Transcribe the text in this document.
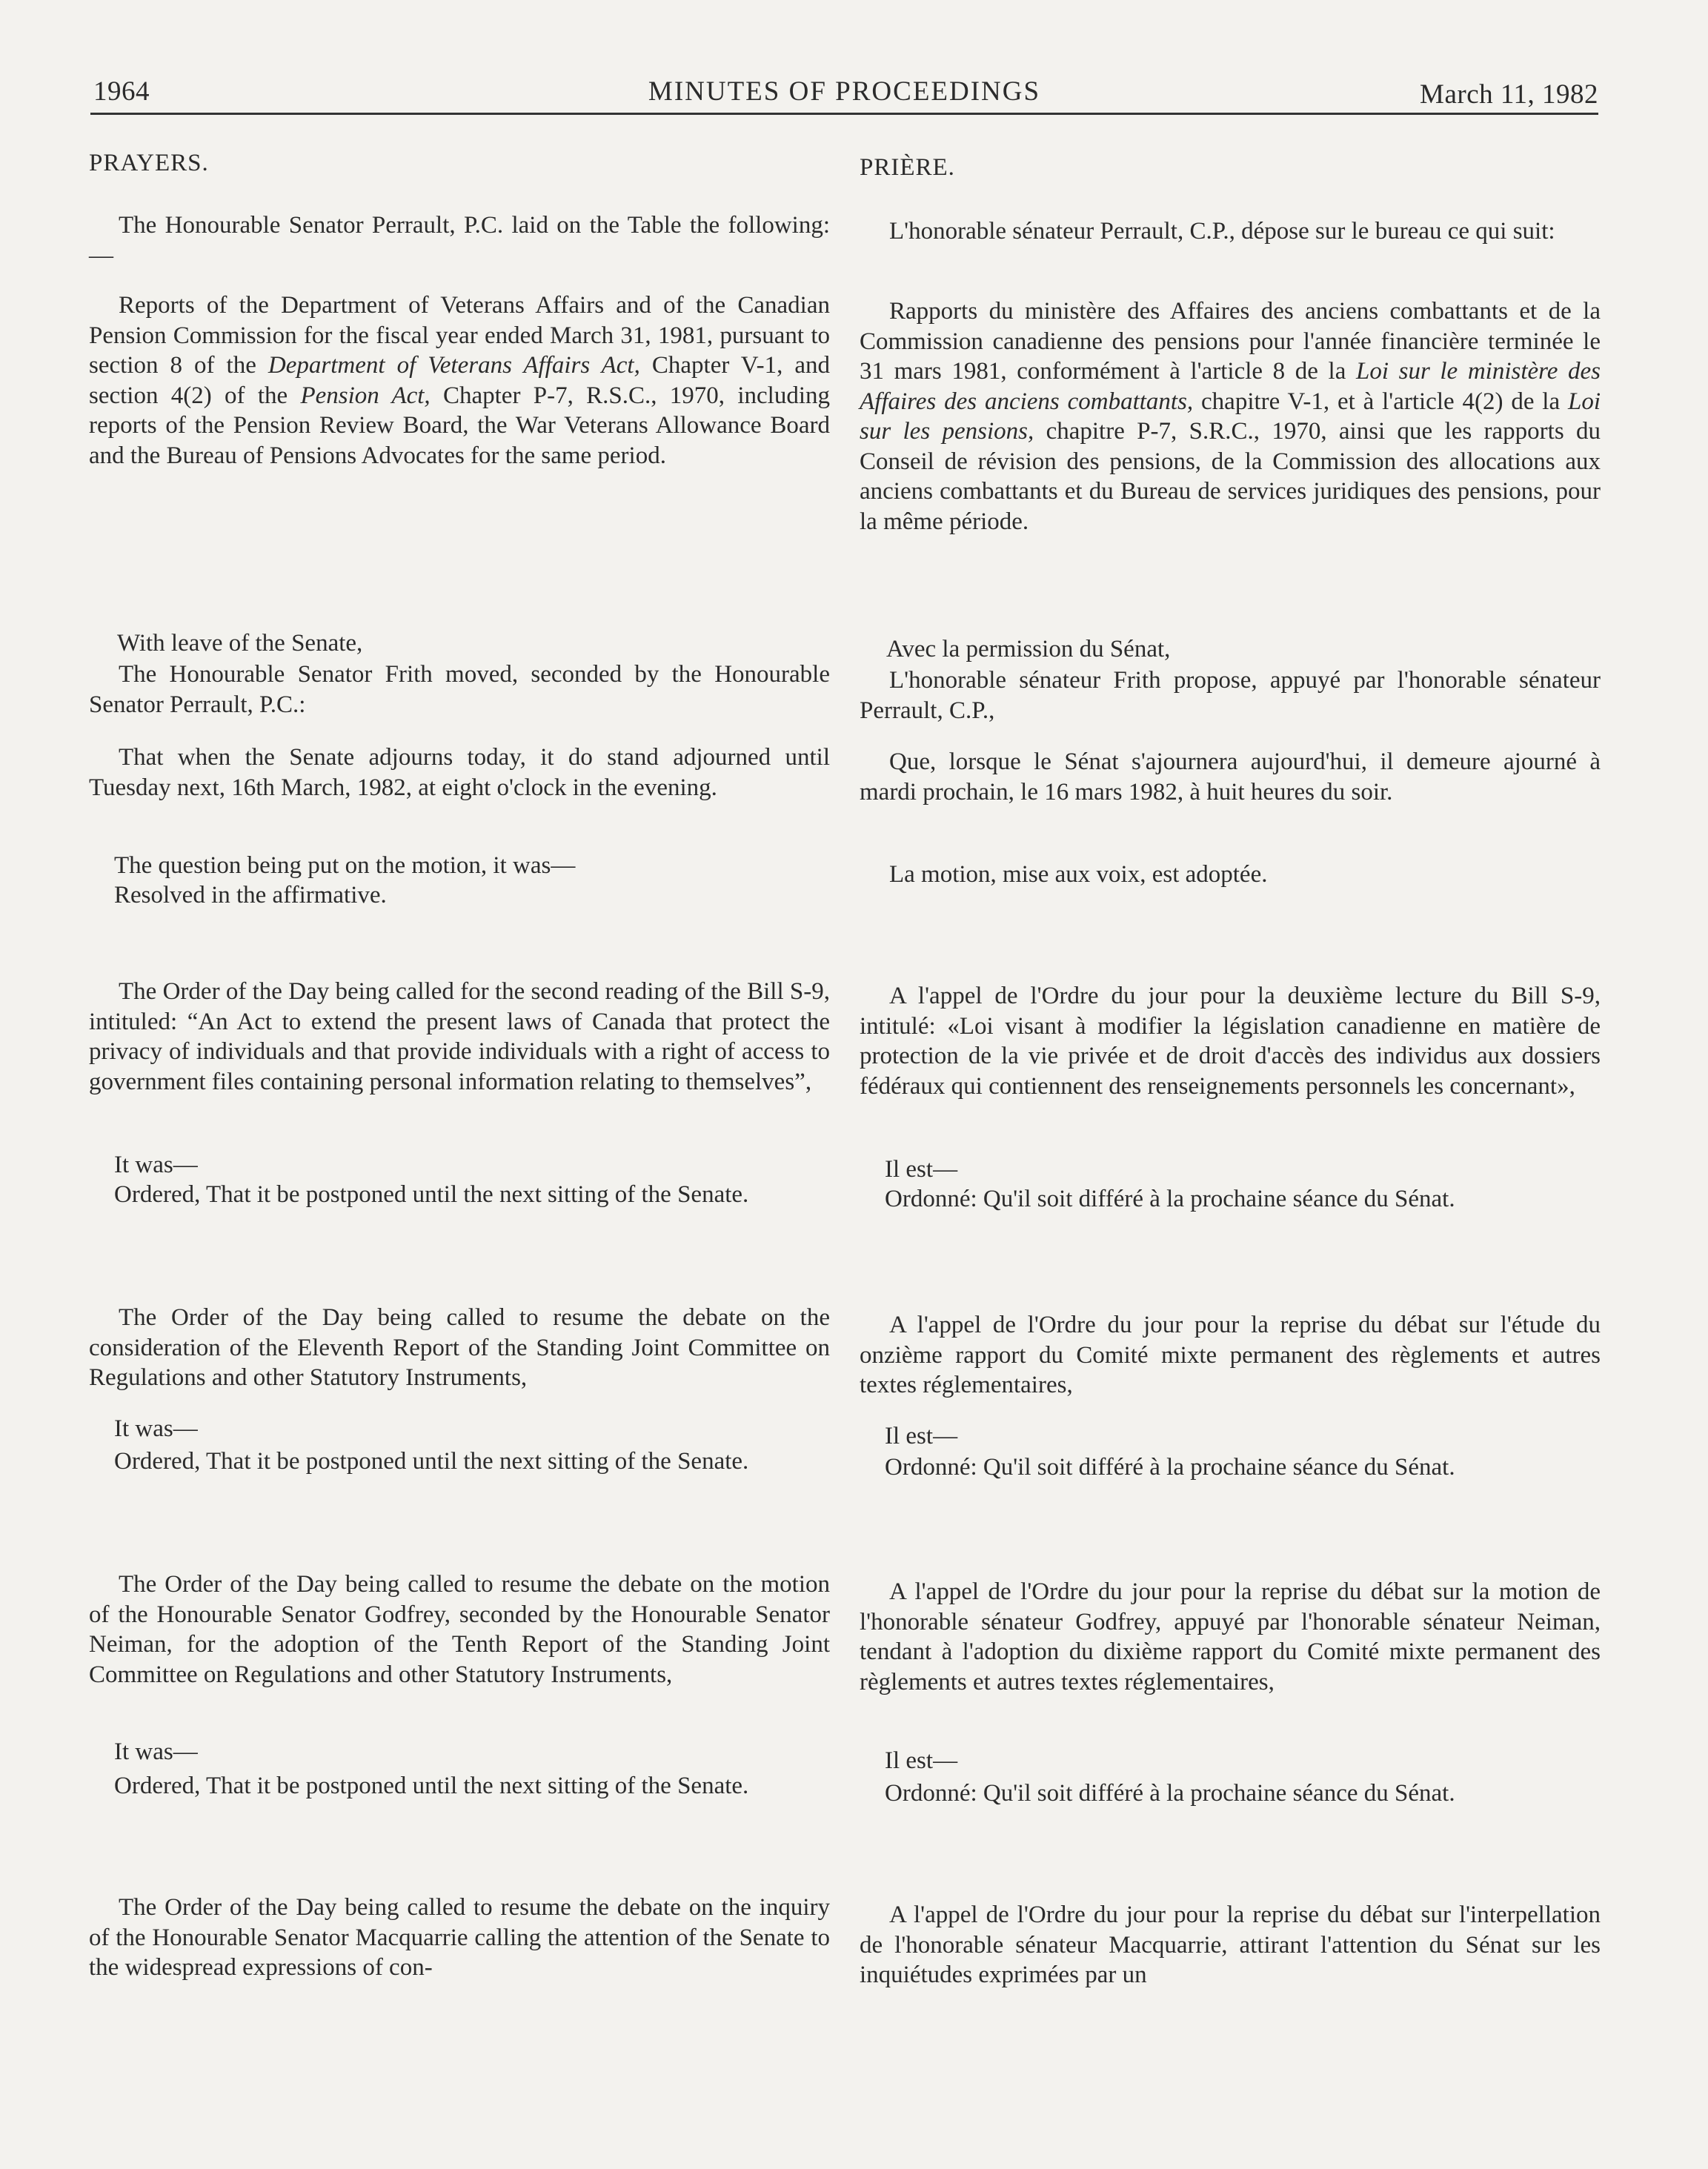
1964	MINUTES OF PROCEEDINGS	March 11, 1982

PRAYERS.

The Honourable Senator Perrault, P.C. laid on the Table the following:—

Reports of the Department of Veterans Affairs and of the Canadian Pension Commission for the fiscal year ended March 31, 1981, pursuant to section 8 of the Department of Veterans Affairs Act, Chapter V-1, and section 4(2) of the Pension Act, Chapter P-7, R.S.C., 1970, including reports of the Pension Review Board, the War Veterans Allowance Board and the Bureau of Pensions Advocates for the same period.

With leave of the Senate,

The Honourable Senator Frith moved, seconded by the Honourable Senator Perrault, P.C.:

That when the Senate adjourns today, it do stand adjourned until Tuesday next, 16th March, 1982, at eight o'clock in the evening.

The question being put on the motion, it was—

Resolved in the affirmative.

The Order of the Day being called for the second reading of the Bill S-9, intituled: “An Act to extend the present laws of Canada that protect the privacy of individuals and that provide individuals with a right of access to government files containing personal information relating to themselves”,

It was—

Ordered, That it be postponed until the next sitting of the Senate.

The Order of the Day being called to resume the debate on the consideration of the Eleventh Report of the Standing Joint Committee on Regulations and other Statutory Instruments,

It was—

Ordered, That it be postponed until the next sitting of the Senate.

The Order of the Day being called to resume the debate on the motion of the Honourable Senator Godfrey, seconded by the Honourable Senator Neiman, for the adoption of the Tenth Report of the Standing Joint Committee on Regulations and other Statutory Instruments,

It was—

Ordered, That it be postponed until the next sitting of the Senate.

The Order of the Day being called to resume the debate on the inquiry of the Honourable Senator Macquarrie calling the attention of the Senate to the widespread expressions of con-

PRIÈRE.

L'honorable sénateur Perrault, C.P., dépose sur le bureau ce qui suit:

Rapports du ministère des Affaires des anciens combattants et de la Commission canadienne des pensions pour l'année financière terminée le 31 mars 1981, conformément à l'article 8 de la Loi sur le ministère des Affaires des anciens combattants, chapitre V-1, et à l'article 4(2) de la Loi sur les pensions, chapitre P-7, S.R.C., 1970, ainsi que les rapports du Conseil de révision des pensions, de la Commission des allocations aux anciens combattants et du Bureau de services juridiques des pensions, pour la même période.

Avec la permission du Sénat,

L'honorable sénateur Frith propose, appuyé par l'honorable sénateur Perrault, C.P.,

Que, lorsque le Sénat s'ajournera aujourd'hui, il demeure ajourné à mardi prochain, le 16 mars 1982, à huit heures du soir.

La motion, mise aux voix, est adoptée.

A l'appel de l'Ordre du jour pour la deuxième lecture du Bill S-9, intitulé: «Loi visant à modifier la législation canadienne en matière de protection de la vie privée et de droit d'accès des individus aux dossiers fédéraux qui contiennent des renseignements personnels les concernant»,

Il est—

Ordonné: Qu'il soit différé à la prochaine séance du Sénat.

A l'appel de l'Ordre du jour pour la reprise du débat sur l'étude du onzième rapport du Comité mixte permanent des règlements et autres textes réglementaires,

Il est—

Ordonné: Qu'il soit différé à la prochaine séance du Sénat.

A l'appel de l'Ordre du jour pour la reprise du débat sur la motion de l'honorable sénateur Godfrey, appuyé par l'honorable sénateur Neiman, tendant à l'adoption du dixième rapport du Comité mixte permanent des règlements et autres textes réglementaires,

Il est—

Ordonné: Qu'il soit différé à la prochaine séance du Sénat.

A l'appel de l'Ordre du jour pour la reprise du débat sur l'interpellation de l'honorable sénateur Macquarrie, attirant l'attention du Sénat sur les inquiétudes exprimées par un
